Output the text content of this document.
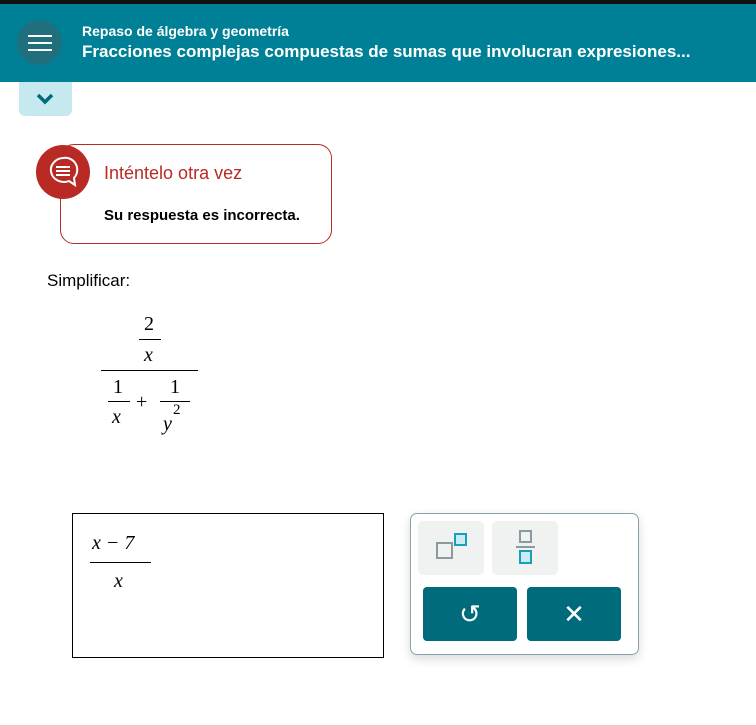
Repaso de álgebra y geometría
Fracciones complejas compuestas de sumas que involucran expresiones...
Inténtelo otra vez
Su respuesta es incorrecta.
Simplificar:
2
x
1
x
+
1
y
2
x − 7
x
↺	✕
